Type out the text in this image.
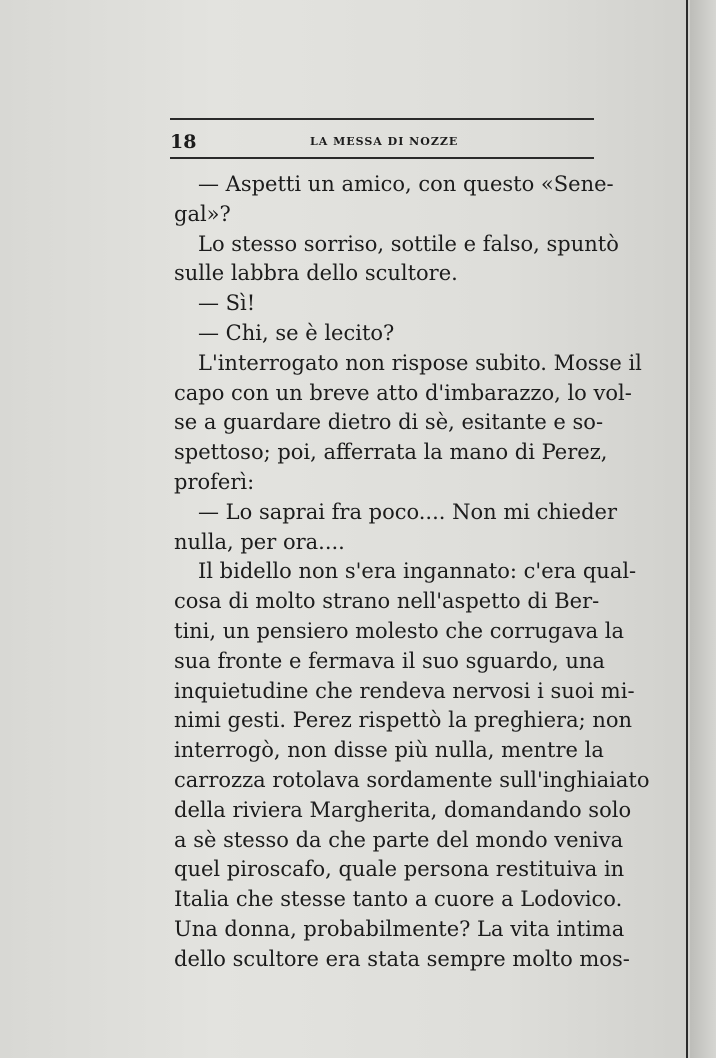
18	LA MESSA DI NOZZE
— Aspetti un amico, con questo «Sene-
gal»?
Lo stesso sorriso, sottile e falso, spuntò
sulle labbra dello scultore.
— Sì!
— Chi, se è lecito?
L'interrogato non rispose subito. Mosse il
capo con un breve atto d'imbarazzo, lo vol-
se a guardare dietro di sè, esitante e so-
spettoso; poi, afferrata la mano di Perez,
proferì:
— Lo saprai fra poco.... Non mi chieder
nulla, per ora....
Il bidello non s'era ingannato: c'era qual-
cosa di molto strano nell'aspetto di Ber-
tini, un pensiero molesto che corrugava la
sua fronte e fermava il suo sguardo, una
inquietudine che rendeva nervosi i suoi mi-
nimi gesti. Perez rispettò la preghiera; non
interrogò, non disse più nulla, mentre la
carrozza rotolava sordamente sull'inghiaiato
della riviera Margherita, domandando solo
a sè stesso da che parte del mondo veniva
quel piroscafo, quale persona restituiva in
Italia che stesse tanto a cuore a Lodovico.
Una donna, probabilmente? La vita intima
dello scultore era stata sempre molto mos-
